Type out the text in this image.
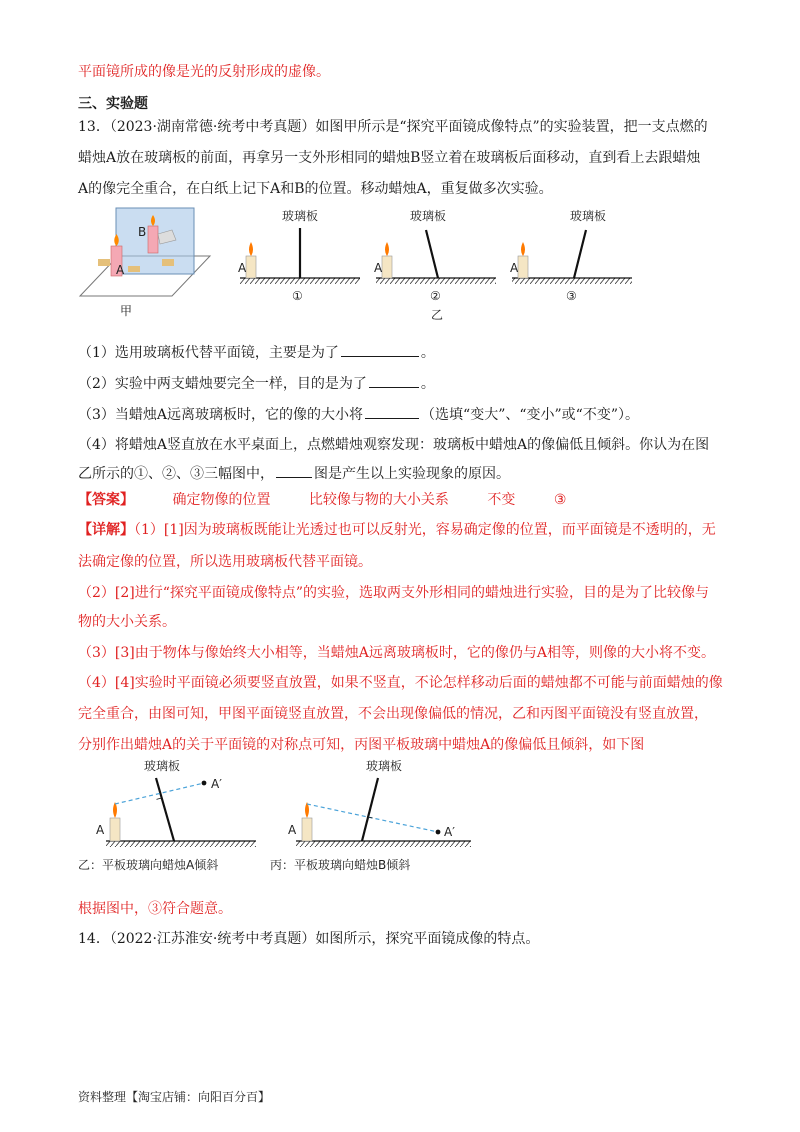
平面镜所成的像是光的反射形成的虚像。
三、实验题
13．（2023·湖南常德·统考中考真题）如图甲所示是“探究平面镜成像特点”的实验装置，把一支点燃的
蜡烛A放在玻璃板的前面，再拿另一支外形相同的蜡烛B竖立着在玻璃板后面移动，直到看上去跟蜡烛
A的像完全重合，在白纸上记下A和B的位置。移动蜡烛A，重复做多次实验。
B
A
甲
A
玻璃板
①
A
玻璃板
②
A
玻璃板
③
乙
（1）选用玻璃板代替平面镜，主要是为了	。
（2）实验中两支蜡烛要完全一样，目的是为了	。
（3）当蜡烛A远离玻璃板时，它的像的大小将	（选填“变大”、“变小”或“不变”）。
（4）将蜡烛A竖直放在水平桌面上，点燃蜡烛观察发现：玻璃板中蜡烛A的像偏低且倾斜。你认为在图
乙所示的①、②、③三幅图中，	图是产生以上实验现象的原因。
【答案】	确定物像的位置	比较像与物的大小关系	不变	③
【详解】（1）[1]因为玻璃板既能让光透过也可以反射光，容易确定像的位置，而平面镜是不透明的，无
法确定像的位置，所以选用玻璃板代替平面镜。
（2）[2]进行“探究平面镜成像特点”的实验，选取两支外形相同的蜡烛进行实验，目的是为了比较像与
物的大小关系。
（3）[3]由于物体与像始终大小相等，当蜡烛A远离玻璃板时，它的像仍与A相等，则像的大小将不变。
（4）[4]实验时平面镜必须要竖直放置，如果不竖直，不论怎样移动后面的蜡烛都不可能与前面蜡烛的像
完全重合，由图可知，甲图平面镜竖直放置，不会出现像偏低的情况，乙和丙图平面镜没有竖直放置，
分别作出蜡烛A的关于平面镜的对称点可知，丙图平板玻璃中蜡烛A的像偏低且倾斜，如下图
A
A′
玻璃板
A	A′
玻璃板
乙：平板玻璃向蜡烛A倾斜	丙：平板玻璃向蜡烛B倾斜
根据图中，③符合题意。
14．（2022·江苏淮安·统考中考真题）如图所示，探究平面镜成像的特点。
资料整理【淘宝店铺：向阳百分百】
